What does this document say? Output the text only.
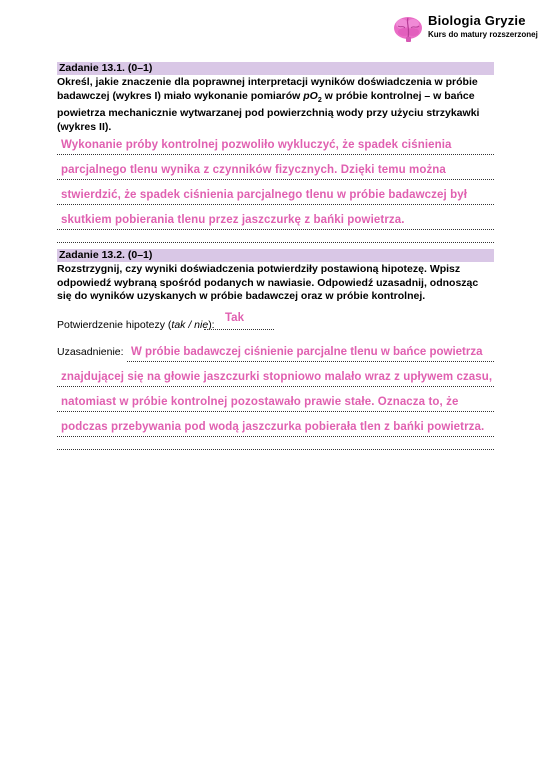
Biologia Gryzie
Kurs do matury rozszerzonej
Zadanie 13.1. (0–1)
Określ, jakie znaczenie dla poprawnej interpretacji wyników doświadczenia w próbie badawczej (wykres I) miało wykonanie pomiarów $pO_2$ w próbie kontrolnej – w bańce powietrza mechanicznie wytwarzanej pod powierzchnią wody przy użyciu strzykawki (wykres II).
Wykonanie próby kontrolnej pozwoliło wykluczyć, że spadek ciśnienia
parcjalnego tlenu wynika z czynników fizycznych. Dzięki temu można
stwierdzić, że spadek ciśnienia parcjalnego tlenu w próbie badawczej był
skutkiem pobierania tlenu przez jaszczurkę z bańki powietrza.
Zadanie 13.2. (0–1)
Rozstrzygnij, czy wyniki doświadczenia potwierdziły postawioną hipotezę. Wpisz odpowiedź wybraną spośród podanych w nawiasie. Odpowiedź uzasadnij, odnosząc się do wyników uzyskanych w próbie badawczej oraz w próbie kontrolnej.
Potwierdzenie hipotezy (tak / nie):
Tak
Uzasadnienie: W próbie badawczej ciśnienie parcjalne tlenu w bańce powietrza
znajdującej się na głowie jaszczurki stopniowo malało wraz z upływem czasu,
natomiast w próbie kontrolnej pozostawało prawie stałe. Oznacza to, że
podczas przebywania pod wodą jaszczurka pobierała tlen z bańki powietrza.
